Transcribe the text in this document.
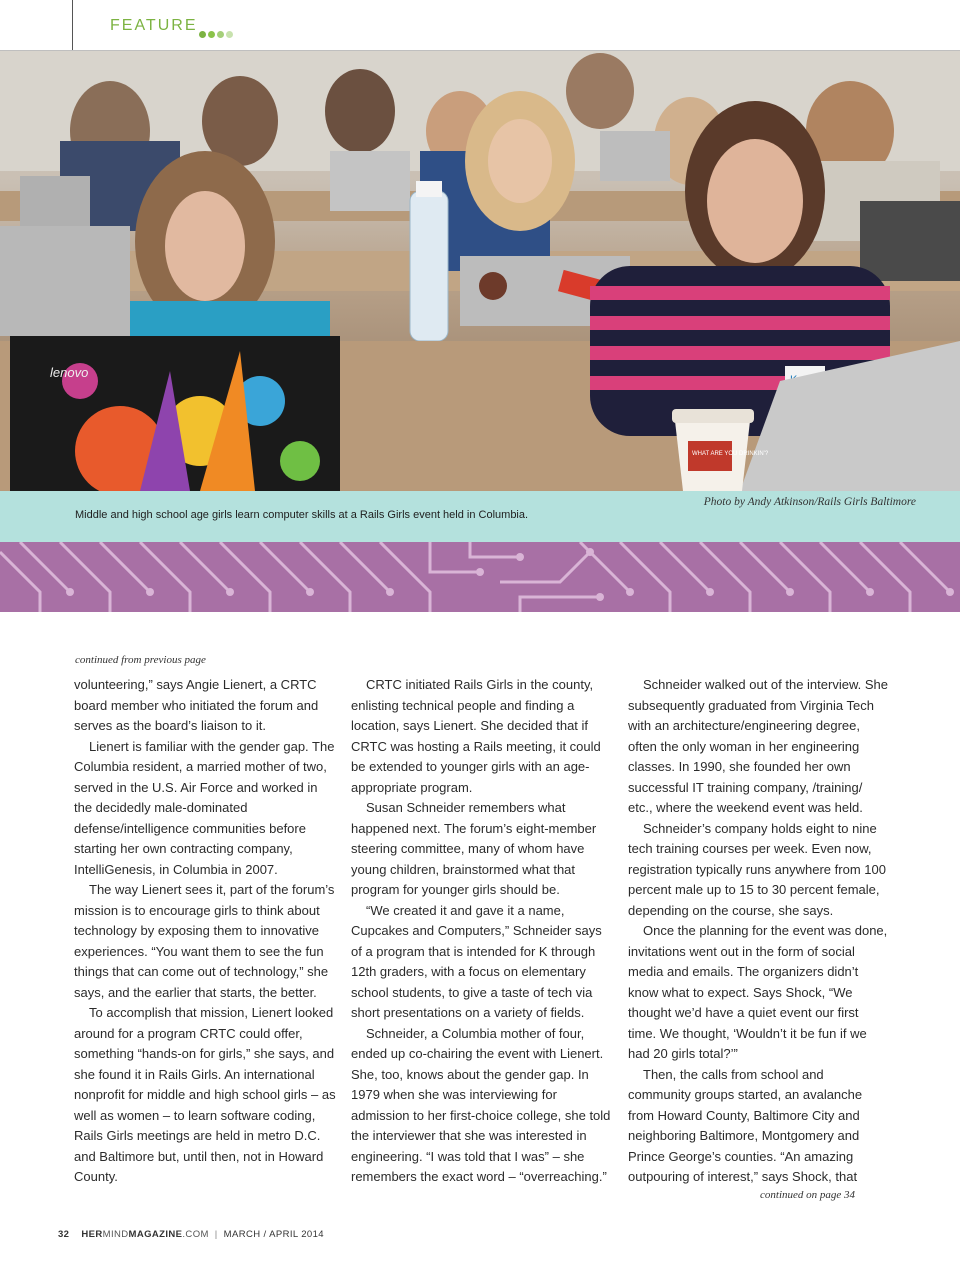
FEATURE
lenovo
WHAT ARE YOU DRINKIN'?
Photo by Andy Atkinson/Rails Girls Baltimore
Middle and high school age girls learn computer skills at a Rails Girls event held in Columbia.
continued from previous page

volunteering,” says Angie Lienert, a CRTC board member who initiated the forum and serves as the board’s liaison to it.

Lienert is familiar with the gender gap. The Columbia resident, a married mother of two, served in the U.S. Air Force and worked in the decidedly male-dominated defense/intelligence communities before starting her own contracting company, IntelliGenesis, in Columbia in 2007.

The way Lienert sees it, part of the forum’s mission is to encourage girls to think about technology by exposing them to innovative experiences. “You want them to see the fun things that can come out of technology,” she says, and the earlier that starts, the better.

To accomplish that mission, Lienert looked around for a program CRTC could offer, something “hands-on for girls,” she says, and she found it in Rails Girls. An international nonprofit for middle and high school girls – as well as women – to learn software coding, Rails Girls meetings are held in metro D.C. and Baltimore but, until then, not in Howard County.

CRTC initiated Rails Girls in the county, enlisting technical people and finding a location, says Lienert. She decided that if CRTC was hosting a Rails meeting, it could be extended to younger girls with an age-appropriate program.

Susan Schneider remembers what happened next. The forum’s eight-member steering committee, many of whom have young children, brainstormed what that program for younger girls should be.

“We created it and gave it a name, Cupcakes and Computers,” Schneider says of a program that is intended for K through 12th graders, with a focus on elementary school students, to give a taste of tech via short presentations on a variety of fields.

Schneider, a Columbia mother of four, ended up co-chairing the event with Lienert. She, too, knows about the gender gap. In 1979 when she was interviewing for admission to her first-choice college, she told the interviewer that she was interested in engineering. “I was told that I was” – she remembers the exact word – “overreaching.”

Schneider walked out of the interview. She subsequently graduated from Virginia Tech with an architecture/engineering degree, often the only woman in her engineering classes. In 1990, she founded her own successful IT training company, /training/ etc., where the weekend event was held.

Schneider’s company holds eight to nine tech training courses per week. Even now, registration typically runs anywhere from 100 percent male up to 15 to 30 percent female, depending on the course, she says.

Once the planning for the event was done, invitations went out in the form of social media and emails. The organizers didn’t know what to expect. Says Shock, “We thought we’d have a quiet event our first time. We thought, ‘Wouldn’t it be fun if we had 20 girls total?’”

Then, the calls from school and community groups started, an avalanche from Howard County, Baltimore City and neighboring Baltimore, Montgomery and Prince George’s counties. “An amazing outpouring of interest,” says Shock, that

continued on page 34
32 HERMINDMAGAZINE.COM | MARCH / APRIL 2014
